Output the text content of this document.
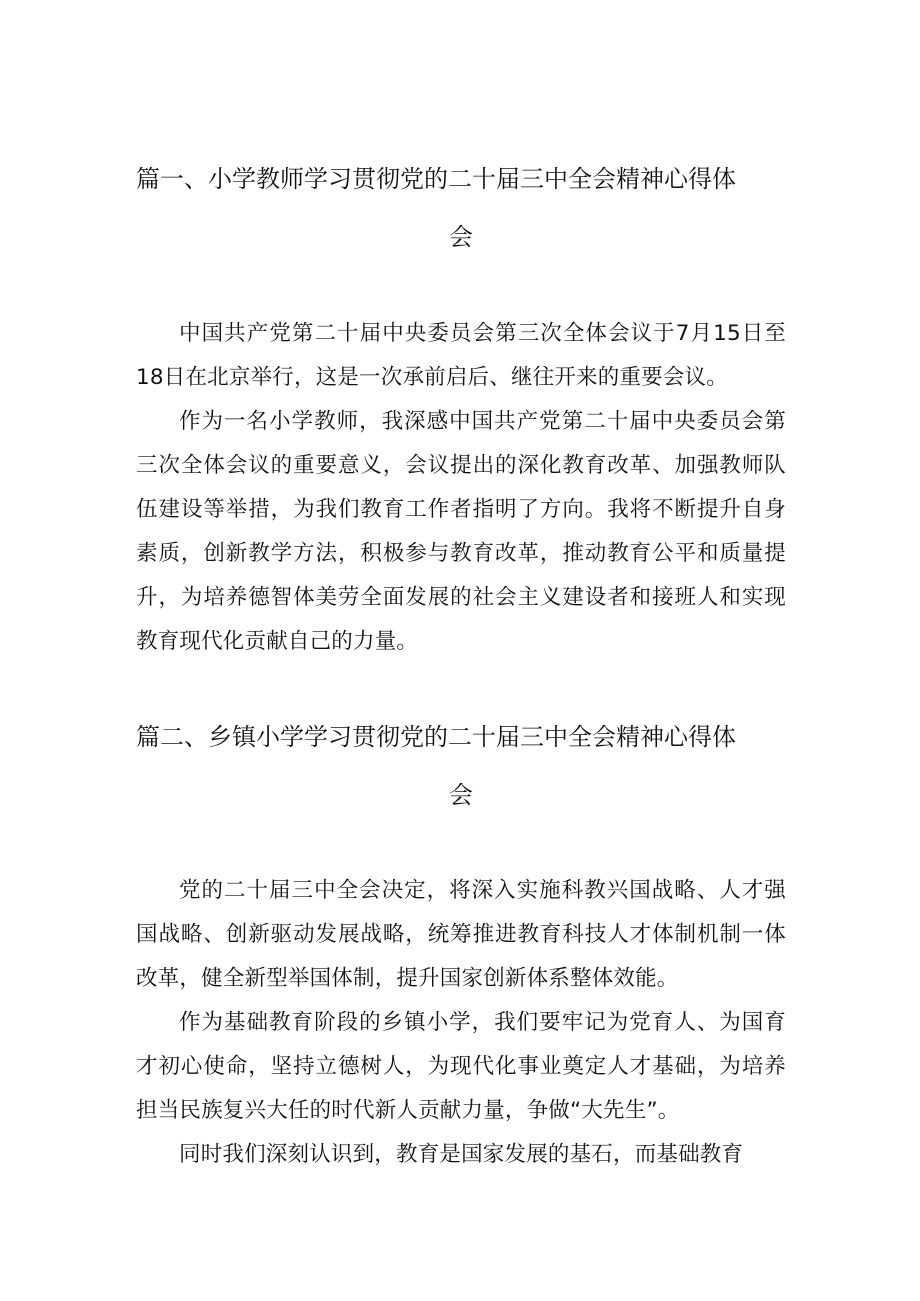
篇一、小学教师学习贯彻党的二十届三中全会精神心得体
会

中国共产党第二十届中央委员会第三次全体会议于7月15日至18日在北京举行，这是一次承前启后、继往开来的重要会议。

作为一名小学教师，我深感中国共产党第二十届中央委员会第三次全体会议的重要意义，会议提出的深化教育改革、加强教师队伍建设等举措，为我们教育工作者指明了方向。我将不断提升自身素质，创新教学方法，积极参与教育改革，推动教育公平和质量提升，为培养德智体美劳全面发展的社会主义建设者和接班人和实现教育现代化贡献自己的力量。

篇二、乡镇小学学习贯彻党的二十届三中全会精神心得体
会

党的二十届三中全会决定，将深入实施科教兴国战略、人才强国战略、创新驱动发展战略，统筹推进教育科技人才体制机制一体改革，健全新型举国体制，提升国家创新体系整体效能。

作为基础教育阶段的乡镇小学，我们要牢记为党育人、为国育才初心使命，坚持立德树人，为现代化事业奠定人才基础，为培养担当民族复兴大任的时代新人贡献力量，争做“大先生”。

同时我们深刻认识到，教育是国家发展的基石，而基础教育
